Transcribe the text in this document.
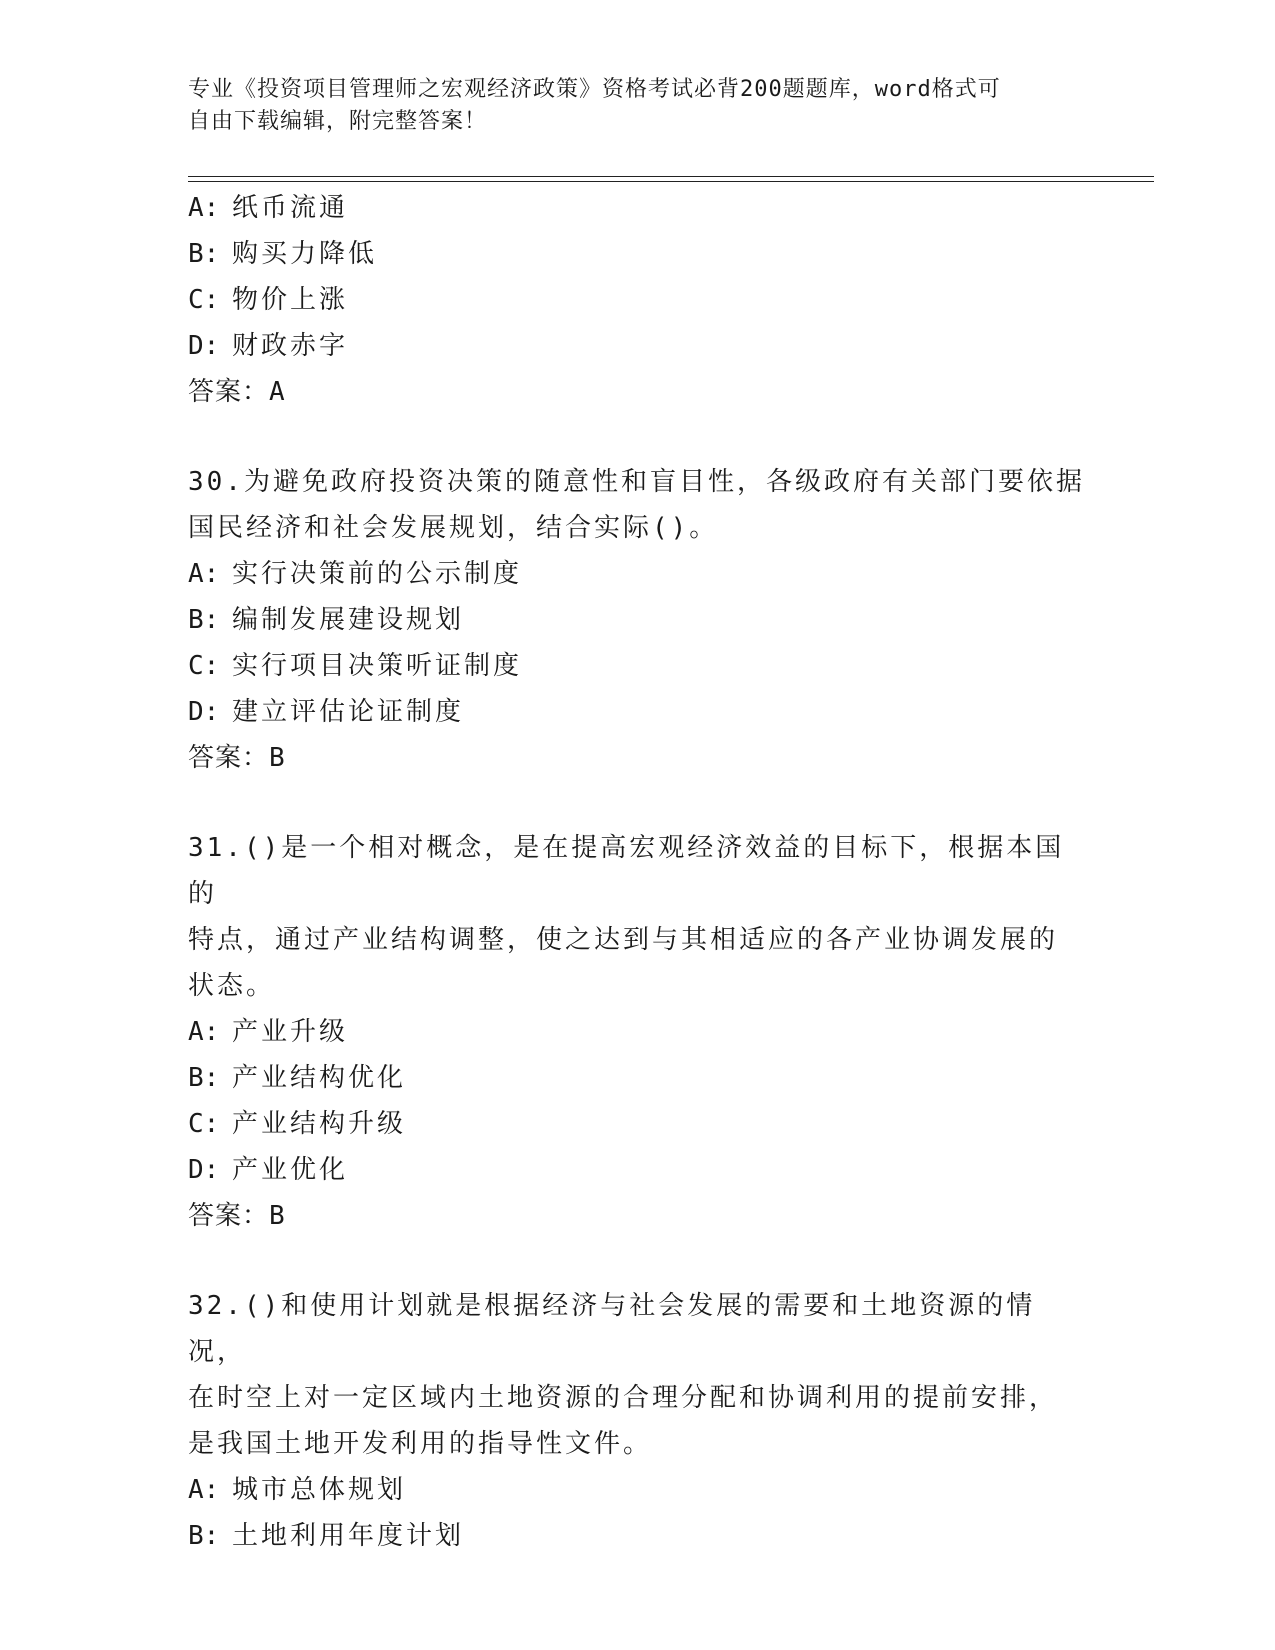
专业《投资项目管理师之宏观经济政策》资格考试必背200题题库，word格式可
自由下载编辑，附完整答案！
A: 纸币流通
B: 购买力降低
C: 物价上涨
D: 财政赤字
答案：A
30.为避免政府投资决策的随意性和盲目性，各级政府有关部门要依据
国民经济和社会发展规划，结合实际()。
A: 实行决策前的公示制度
B: 编制发展建设规划
C: 实行项目决策听证制度
D: 建立评估论证制度
答案：B
31.()是一个相对概念，是在提高宏观经济效益的目标下，根据本国的
特点，通过产业结构调整，使之达到与其相适应的各产业协调发展的
状态。
A: 产业升级
B: 产业结构优化
C: 产业结构升级
D: 产业优化
答案：B
32.()和使用计划就是根据经济与社会发展的需要和土地资源的情况，
在时空上对一定区域内土地资源的合理分配和协调利用的提前安排，
是我国土地开发利用的指导性文件。
A: 城市总体规划
B: 土地利用年度计划
